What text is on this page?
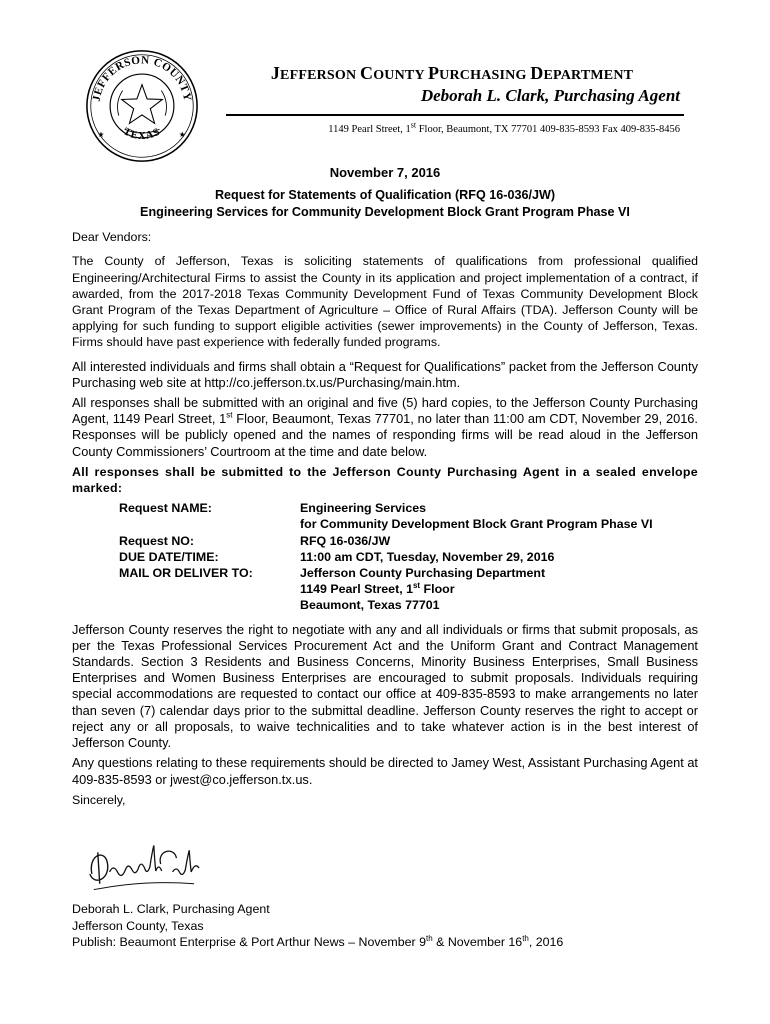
JEFFERSON COUNTY
TEXAS
★	★
JEFFERSON COUNTY PURCHASING DEPARTMENT
Deborah L. Clark, Purchasing Agent
1149 Pearl Street, 1st Floor, Beaumont, TX 77701 409-835-8593 Fax 409-835-8456

November 7, 2016

Request for Statements of Qualification (RFQ 16-036/JW)

Engineering Services for Community Development Block Grant Program Phase VI

Dear Vendors:

The County of Jefferson, Texas is soliciting statements of qualifications from professional qualified Engineering/Architectural Firms to assist the County in its application and project implementation of a contract, if awarded, from the 2017-2018 Texas Community Development Fund of Texas Community Development Block Grant Program of the Texas Department of Agriculture – Office of Rural Affairs (TDA). Jefferson County will be applying for such funding to support eligible activities (sewer improvements) in the County of Jefferson, Texas. Firms should have past experience with federally funded programs.

All interested individuals and firms shall obtain a “Request for Qualifications” packet from the Jefferson County Purchasing web site at http://co.jefferson.tx.us/Purchasing/main.htm.

All responses shall be submitted with an original and five (5) hard copies, to the Jefferson County Purchasing Agent, 1149 Pearl Street, 1st Floor, Beaumont, Texas 77701, no later than 11:00 am CDT, November 29, 2016. Responses will be publicly opened and the names of responding firms will be read aloud in the Jefferson County Commissioners’ Courtroom at the time and date below.

All responses shall be submitted to the Jefferson County Purchasing Agent in a sealed envelope marked:

Request NAME:	Engineering Services
for Community Development Block Grant Program Phase VI
Request NO:	RFQ 16-036/JW
DUE DATE/TIME:	11:00 am CDT, Tuesday, November 29, 2016
MAIL OR DELIVER TO:	Jefferson County Purchasing Department
1149 Pearl Street, 1st Floor
Beaumont, Texas 77701

Jefferson County reserves the right to negotiate with any and all individuals or firms that submit proposals, as per the Texas Professional Services Procurement Act and the Uniform Grant and Contract Management Standards. Section 3 Residents and Business Concerns, Minority Business Enterprises, Small Business Enterprises and Women Business Enterprises are encouraged to submit proposals. Individuals requiring special accommodations are requested to contact our office at 409-835-8593 to make arrangements no later than seven (7) calendar days prior to the submittal deadline. Jefferson County reserves the right to accept or reject any or all proposals, to waive technicalities and to take whatever action is in the best interest of Jefferson County.

Any questions relating to these requirements should be directed to Jamey West, Assistant Purchasing Agent at 409-835-8593 or jwest@co.jefferson.tx.us.

Sincerely,

Deborah L. Clark, Purchasing Agent
Jefferson County, Texas
Publish: Beaumont Enterprise & Port Arthur News – November 9th & November 16th, 2016
